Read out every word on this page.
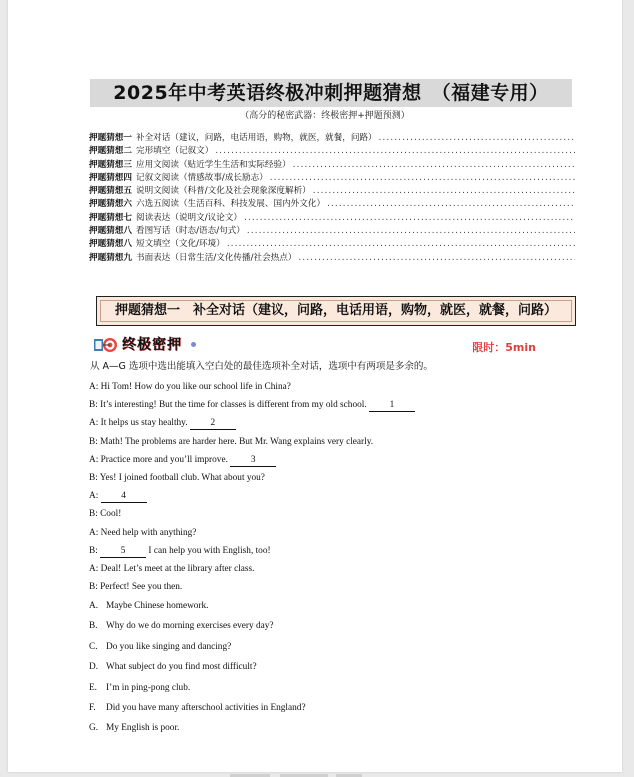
2025年中考英语终极冲刺押题猜想　（福建专用）
（高分的秘密武器：终极密押+押题预测）
押题猜想一 补全对话（建议，问路，电话用语，购物，就医，就餐，问路）
.....
押题猜想二 完形填空（记叙文）
.....
押题猜想三 应用文阅读（贴近学生生活和实际经验）
.....
押题猜想四 记叙文阅读（情感故事/成长励志）
.....
押题猜想五 说明文阅读（科普/文化及社会现象深度解析）
.....
押题猜想六 六选五阅读（生活百科、科技发展、国内外文化）
.....
押题猜想七 阅读表达（说明文/议论文）
.....
押题猜想八 看图写话（时态/语态/句式）
.....
押题猜想八 短文填空（文化/环境）
.....
押题猜想九 书面表达（日常生活/文化传播/社会热点）
.....
押题猜想一　补全对话（建议，问路，电话用语，购物，就医，就餐，问路）
终极密押	限时：5min
从 A—G 选项中选出能填入空白处的最佳选项补全对话，选项中有两项是多余的。
A: Hi Tom! How do you like our school life in China?
B: It’s interesting! But the time for classes is different from my old school. 1
A: It helps us stay healthy. 2
B: Math! The problems are harder here. But Mr. Wang explains very clearly.
A: Practice more and you’ll improve. 3
B: Yes! I joined football club. What about you?
A: 4
B: Cool!
A: Need help with anything?
B: 5 I can help you with English, too!
A: Deal! Let’s meet at the library after class.
B: Perfect! See you then.
A. Maybe Chinese homework.
B. Why do we do morning exercises every day?
C. Do you like singing and dancing?
D. What subject do you find most difficult?
E. I’m in ping-pong club.
F. Did you have many afterschool activities in England?
G. My English is poor.
